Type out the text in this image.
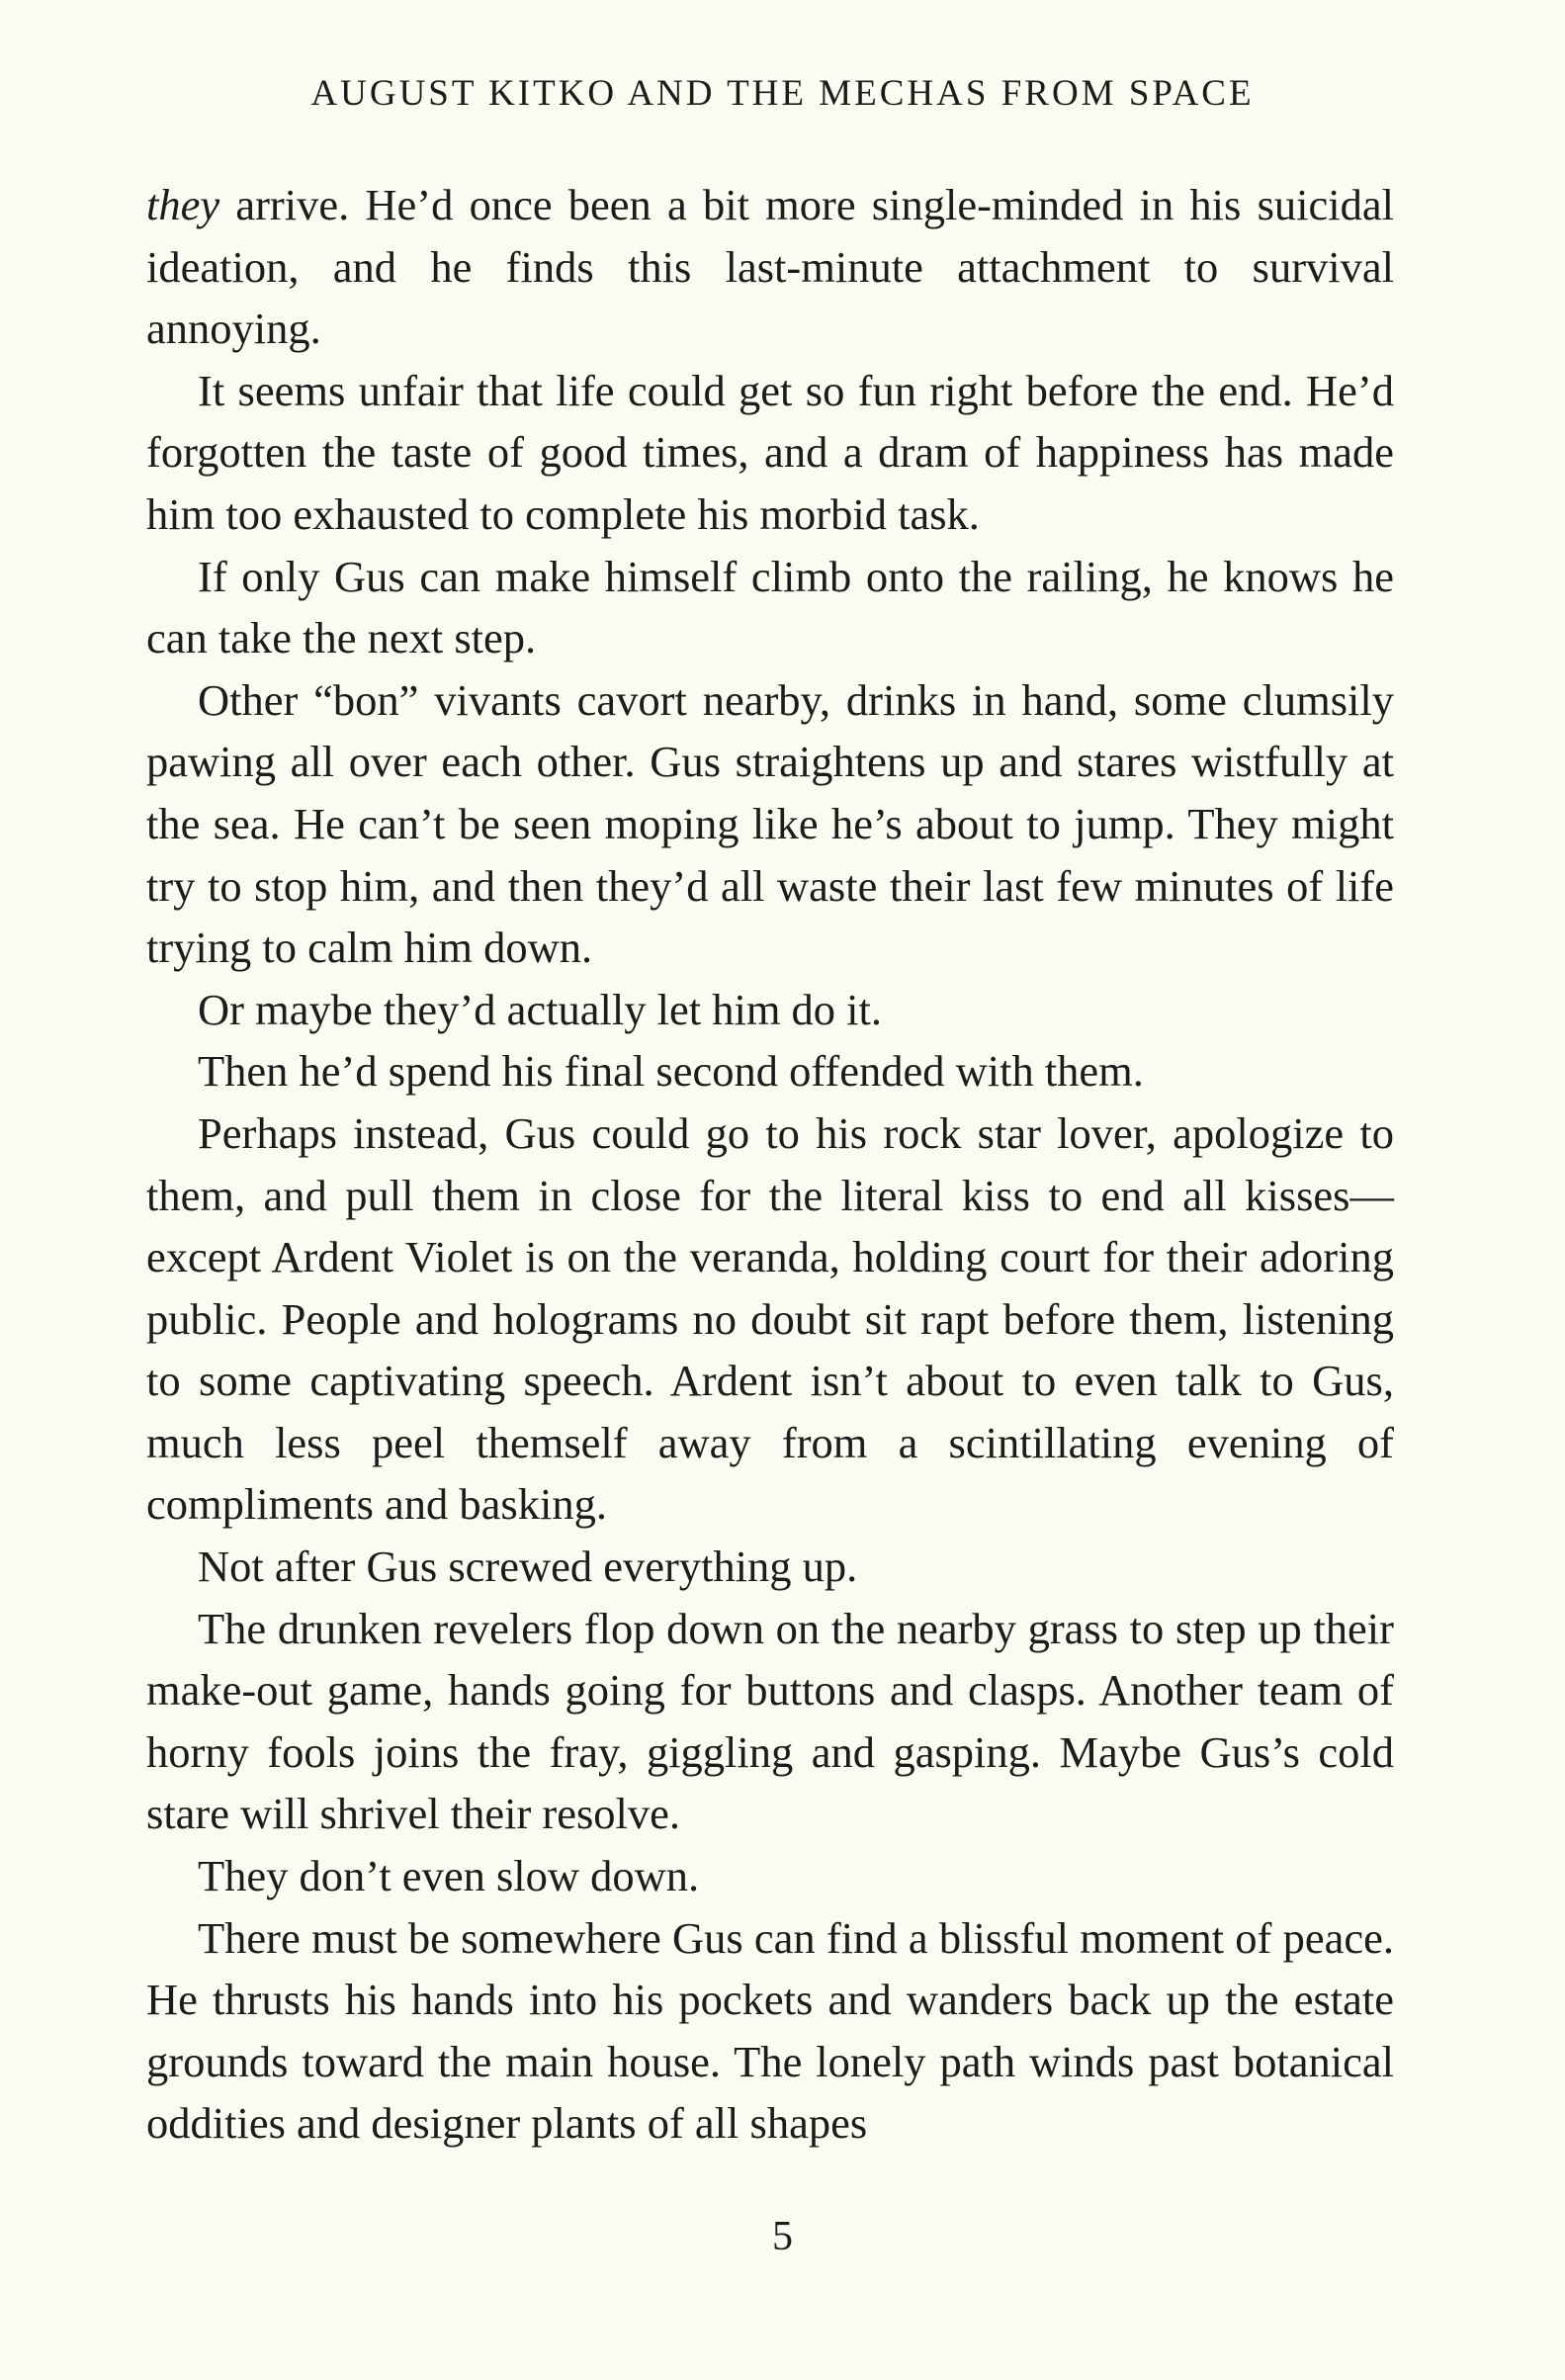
AUGUST KITKO AND THE MECHAS FROM SPACE

they arrive. He’d once been a bit more single-minded in his suicidal ideation, and he finds this last-minute attachment to survival annoying.

It seems unfair that life could get so fun right before the end. He’d forgotten the taste of good times, and a dram of happiness has made him too exhausted to complete his morbid task.

If only Gus can make himself climb onto the railing, he knows he can take the next step.

Other “bon” vivants cavort nearby, drinks in hand, some clumsily pawing all over each other. Gus straightens up and stares wistfully at the sea. He can’t be seen moping like he’s about to jump. They might try to stop him, and then they’d all waste their last few minutes of life trying to calm him down.

Or maybe they’d actually let him do it.

Then he’d spend his final second offended with them.

Perhaps instead, Gus could go to his rock star lover, apologize to them, and pull them in close for the literal kiss to end all kisses—except Ardent Violet is on the veranda, holding court for their adoring public. People and holograms no doubt sit rapt before them, listening to some captivating speech. Ardent isn’t about to even talk to Gus, much less peel themself away from a scintillating evening of compliments and basking.

Not after Gus screwed everything up.

The drunken revelers flop down on the nearby grass to step up their make-out game, hands going for buttons and clasps. Another team of horny fools joins the fray, giggling and gasping. Maybe Gus’s cold stare will shrivel their resolve.

They don’t even slow down.

There must be somewhere Gus can find a blissful moment of peace. He thrusts his hands into his pockets and wanders back up the estate grounds toward the main house. The lonely path winds past botanical oddities and designer plants of all shapes

5
